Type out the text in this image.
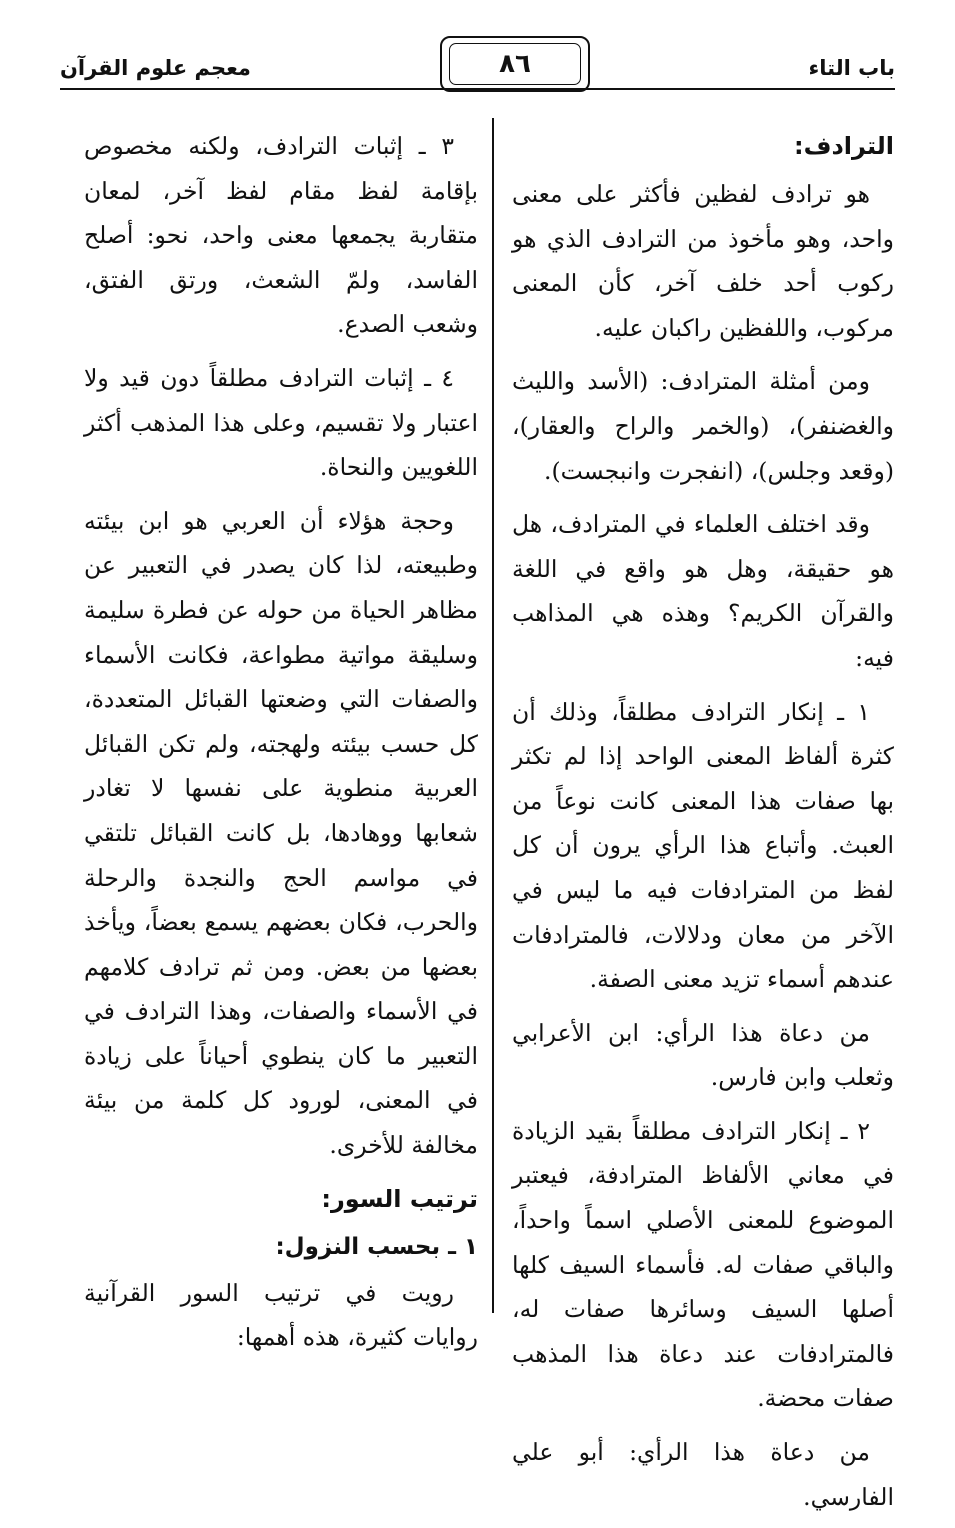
باب التاء
٨٦
معجم علوم القرآن
الترادف:

هو ترادف لفظين فأكثر على معنى واحد، وهو مأخوذ من الترادف الذي هو ركوب أحد خلف آخر، كأن المعنى مركوب، واللفظين راكبان عليه.

ومن أمثلة المترادف: (الأسد والليث والغضنفر)، (والخمر والراح والعقار)، (وقعد وجلس)، (انفجرت وانبجست).

وقد اختلف العلماء في المترادف، هل هو حقيقة، وهل هو واقع في اللغة والقرآن الكريم؟ وهذه هي المذاهب فيه:

١ ـ إنكار الترادف مطلقاً، وذلك أن كثرة ألفاظ المعنى الواحد إذا لم تكثر بها صفات هذا المعنى كانت نوعاً من العبث. وأتباع هذا الرأي يرون أن كل لفظ من المترادفات فيه ما ليس في الآخر من معان ودلالات، فالمترادفات عندهم أسماء تزيد معنى الصفة.

من دعاة هذا الرأي: ابن الأعرابي وثعلب وابن فارس.

٢ ـ إنكار الترادف مطلقاً بقيد الزيادة في معاني الألفاظ المترادفة، فيعتبر الموضوع للمعنى الأصلي اسماً واحداً، والباقي صفات له. فأسماء السيف كلها أصلها السيف وسائرها صفات له، فالمترادفات عند دعاة هذا المذهب صفات محضة.

من دعاة هذا الرأي: أبو علي الفارسي.

٣ ـ إثبات الترادف، ولكنه مخصوص بإقامة لفظ مقام لفظ آخر، لمعان متقاربة يجمعها معنى واحد، نحو: أصلح الفاسد، ولمّ الشعث، ورتق الفتق، وشعب الصدع.

٤ ـ إثبات الترادف مطلقاً دون قيد ولا اعتبار ولا تقسيم، وعلى هذا المذهب أكثر اللغويين والنحاة.

وحجة هؤلاء أن العربي هو ابن بيئته وطبيعته، لذا كان يصدر في التعبير عن مظاهر الحياة من حوله عن فطرة سليمة وسليقة مواتية مطواعة، فكانت الأسماء والصفات التي وضعتها القبائل المتعددة، كل حسب بيئته ولهجته، ولم تكن القبائل العربية منطوية على نفسها لا تغادر شعابها ووهادها، بل كانت القبائل تلتقي في مواسم الحج والنجدة والرحلة والحرب، فكان بعضهم يسمع بعضاً، ويأخذ بعضها من بعض. ومن ثم ترادف كلامهم في الأسماء والصفات، وهذا الترادف في التعبير ما كان ينطوي أحياناً على زيادة في المعنى، لورود كل كلمة من بيئة مخالفة للأخرى.

ترتيب السور:
١ ـ بحسب النزول:

رويت في ترتيب السور القرآنية روايات كثيرة، هذه أهمها:
